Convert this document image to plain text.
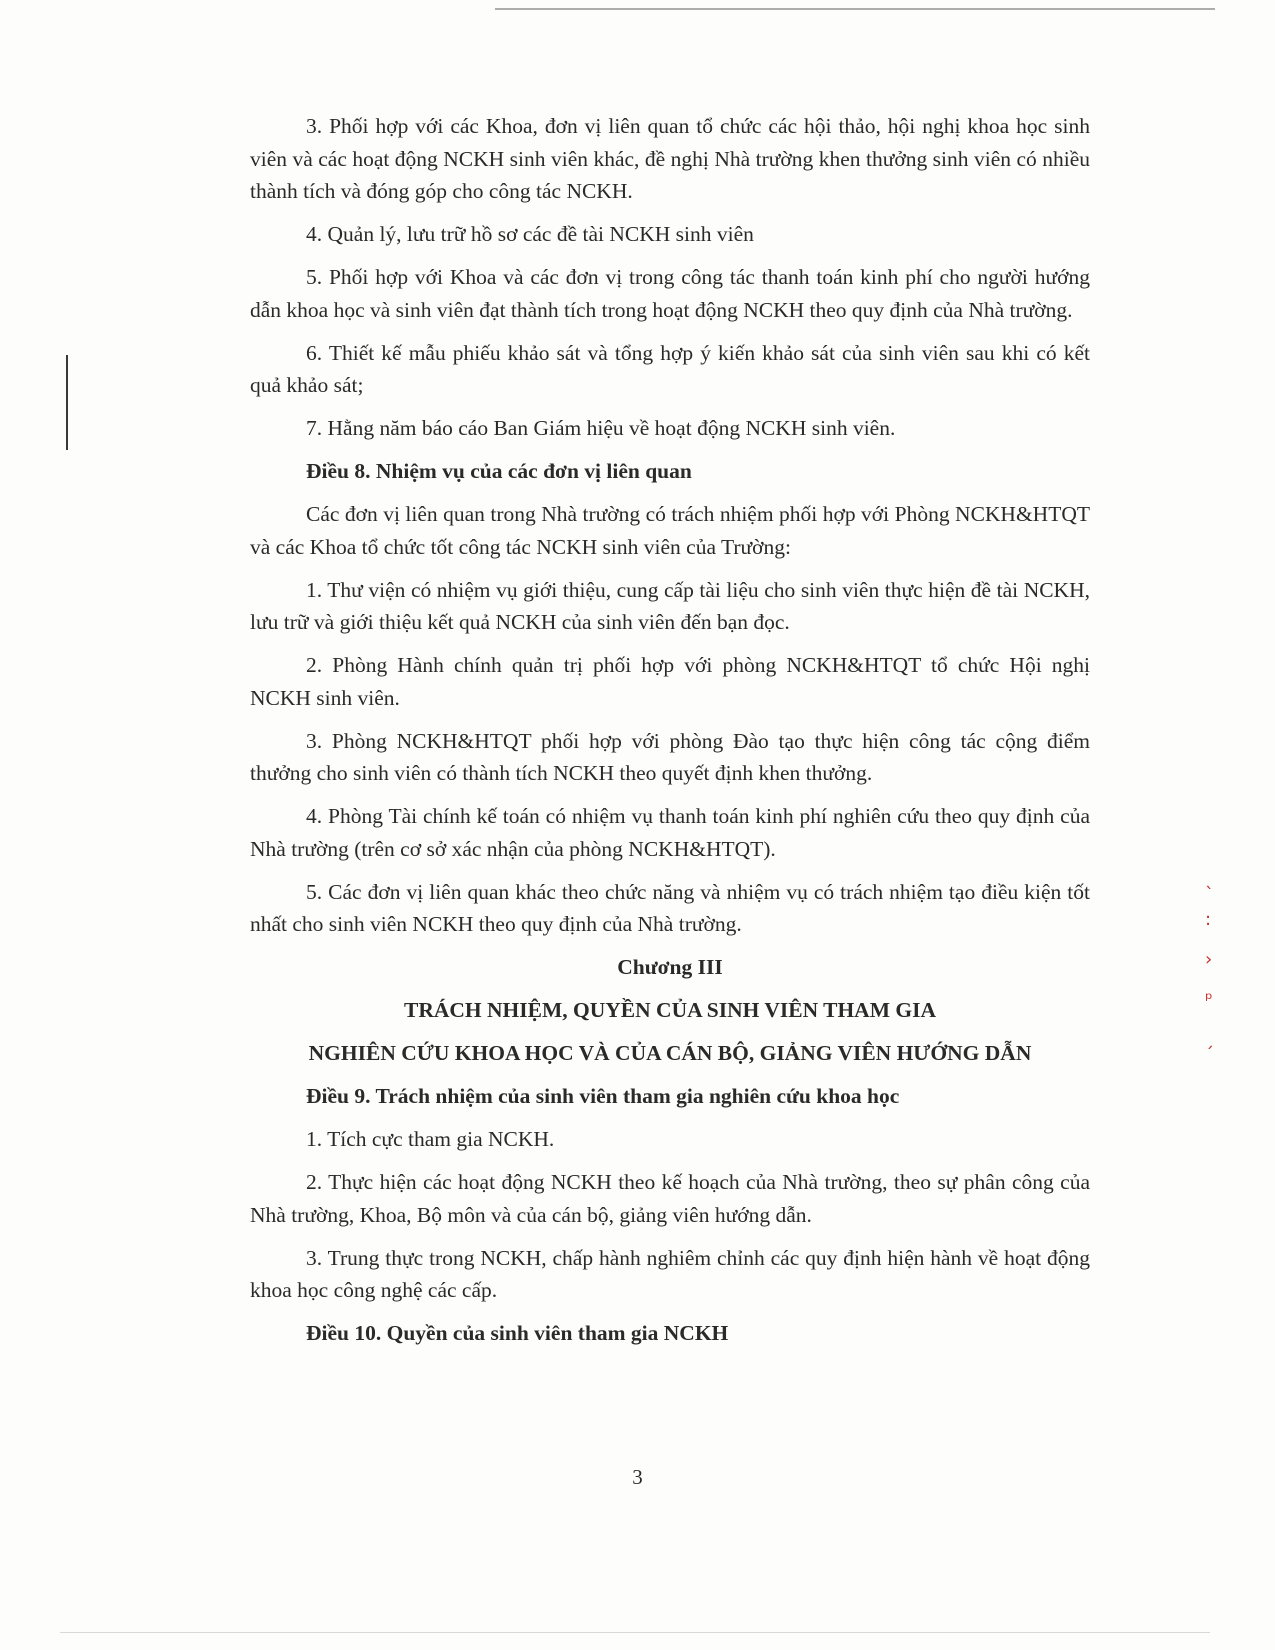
ˎ
:
›
ᵖ
ˏ

3. Phối hợp với các Khoa, đơn vị liên quan tổ chức các hội thảo, hội nghị khoa học sinh viên và các hoạt động NCKH sinh viên khác, đề nghị Nhà trường khen thưởng sinh viên có nhiều thành tích và đóng góp cho công tác NCKH.

4. Quản lý, lưu trữ hồ sơ các đề tài NCKH sinh viên

5. Phối hợp với Khoa và các đơn vị trong công tác thanh toán kinh phí cho người hướng dẫn khoa học và sinh viên đạt thành tích trong hoạt động NCKH theo quy định của Nhà trường.

6. Thiết kế mẫu phiếu khảo sát và tổng hợp ý kiến khảo sát của sinh viên sau khi có kết quả khảo sát;

7. Hằng năm báo cáo Ban Giám hiệu về hoạt động NCKH sinh viên.

Điều 8. Nhiệm vụ của các đơn vị liên quan

Các đơn vị liên quan trong Nhà trường có trách nhiệm phối hợp với Phòng NCKH&HTQT và các Khoa tổ chức tốt công tác NCKH sinh viên của Trường:

1. Thư viện có nhiệm vụ giới thiệu, cung cấp tài liệu cho sinh viên thực hiện đề tài NCKH, lưu trữ và giới thiệu kết quả NCKH của sinh viên đến bạn đọc.

2. Phòng Hành chính quản trị phối hợp với phòng NCKH&HTQT tổ chức Hội nghị NCKH sinh viên.

3. Phòng NCKH&HTQT phối hợp với phòng Đào tạo thực hiện công tác cộng điểm thưởng cho sinh viên có thành tích NCKH theo quyết định khen thưởng.

4. Phòng Tài chính kế toán có nhiệm vụ thanh toán kinh phí nghiên cứu theo quy định của Nhà trường (trên cơ sở xác nhận của phòng NCKH&HTQT).

5. Các đơn vị liên quan khác theo chức năng và nhiệm vụ có trách nhiệm tạo điều kiện tốt nhất cho sinh viên NCKH theo quy định của Nhà trường.

Chương III

TRÁCH NHIỆM, QUYỀN CỦA SINH VIÊN THAM GIA

NGHIÊN CỨU KHOA HỌC VÀ CỦA CÁN BỘ, GIẢNG VIÊN HƯỚNG DẪN

Điều 9. Trách nhiệm của sinh viên tham gia nghiên cứu khoa học

1. Tích cực tham gia NCKH.

2. Thực hiện các hoạt động NCKH theo kế hoạch của Nhà trường, theo sự phân công của Nhà trường, Khoa, Bộ môn và của cán bộ, giảng viên hướng dẫn.

3. Trung thực trong NCKH, chấp hành nghiêm chỉnh các quy định hiện hành về hoạt động khoa học công nghệ các cấp.

Điều 10. Quyền của sinh viên tham gia NCKH

3
